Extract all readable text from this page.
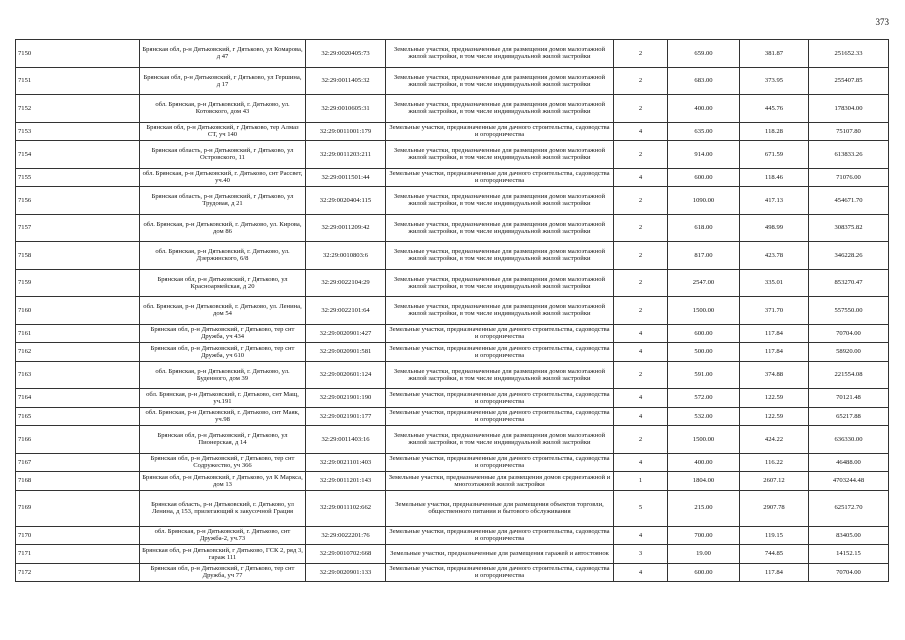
373
7150	Брянская обл, р-н Дятьковский, г Дятьково, ул Комарова, д 47	32:29:0020405:73	Земельные участки, предназначенные для размещения домов малоэтажной жилой застройки, в том числе индивидуальной жилой застройки	2	659.00	381.87	251652.33
7151	Брянская обл, р-н Дятьковский, г Дятьково, ул Гершина, д 17	32:29:0011405:32	Земельные участки, предназначенные для размещения домов малоэтажной жилой застройки, в том числе индивидуальной жилой застройки	2	683.00	373.95	255407.85
7152	обл. Брянская, р-н Дятьковский, г. Дятьково, ул. Котовского, дом 43	32:29:0010605:31	Земельные участки, предназначенные для размещения домов малоэтажной жилой застройки, в том числе индивидуальной жилой застройки	2	400.00	445.76	178304.00
7153	Брянская обл, р-н Дятьковский, г Дятьково, тер Алмаз СТ, уч 140	32:29:0011001:179	Земельные участки, предназначенные для дачного строительства, садоводства и огородничества	4	635.00	118.28	75107.80
7154	Брянская область, р-н Дятьковский, г Дятьково, ул Островского, 11	32:29:0011203:211	Земельные участки, предназначенные для размещения домов малоэтажной жилой застройки, в том числе индивидуальной жилой застройки	2	914.00	671.59	613833.26
7155	обл. Брянская, р-н Дятьковский, г. Дятьково, снт Рассвет, уч.40	32:29:0011501:44	Земельные участки, предназначенные для дачного строительства, садоводства и огородничества	4	600.00	118.46	71076.00
7156	Брянская область, р-н Дятьковский, г Дятьково, ул Трудовая, д 21	32:29:0020404:115	Земельные участки, предназначенные для размещения домов малоэтажной жилой застройки, в том числе индивидуальной жилой застройки	2	1090.00	417.13	454671.70
7157	обл. Брянская, р-н Дятьковский, г. Дятьково, ул. Кирова, дом 86	32:29:0011209:42	Земельные участки, предназначенные для размещения домов малоэтажной жилой застройки, в том числе индивидуальной жилой застройки	2	618.00	498.99	308375.82
7158	обл. Брянская, р-н Дятьковский, г. Дятьково, ул. Дзержинского, 6/8	32:29:0010803:6	Земельные участки, предназначенные для размещения домов малоэтажной жилой застройки, в том числе индивидуальной жилой застройки	2	817.00	423.78	346228.26
7159	Брянская обл, р-н Дятьковский, г Дятьково, ул Красноармейская, д 20	32:29:0022104:29	Земельные участки, предназначенные для размещения домов малоэтажной жилой застройки, в том числе индивидуальной жилой застройки	2	2547.00	335.01	853270.47
7160	обл. Брянская, р-н Дятьковский, г. Дятьково, ул. Ленина, дом 54	32:29:0022101:64	Земельные участки, предназначенные для размещения домов малоэтажной жилой застройки, в том числе индивидуальной жилой застройки	2	1500.00	371.70	557550.00
7161	Брянская обл, р-н Дятьковский, г Дятьково, тер снт Дружба, уч 434	32:29:0020901:427	Земельные участки, предназначенные для дачного строительства, садоводства и огородничества	4	600.00	117.84	70704.00
7162	Брянская обл, р-н Дятьковский, г Дятьково, тер снт Дружба, уч 610	32:29:0020901:581	Земельные участки, предназначенные для дачного строительства, садоводства и огородничества	4	500.00	117.84	58920.00
7163	обл. Брянская, р-н Дятьковский, г. Дятьково, ул. Буденного, дом 39	32:29:0020601:124	Земельные участки, предназначенные для размещения домов малоэтажной жилой застройки, в том числе индивидуальной жилой застройки	2	591.00	374.88	221554.08
7164	обл. Брянская, р-н Дятьковский, г. Дятьково, снт Мащ, уч.191	32:29:0021901:190	Земельные участки, предназначенные для дачного строительства, садоводства и огородничества	4	572.00	122.59	70121.48
7165	обл. Брянская, р-н Дятьковский, г. Дятьково, снт Маяк, уч.98	32:29:0021901:177	Земельные участки, предназначенные для дачного строительства, садоводства и огородничества	4	532.00	122.59	65217.88
7166	Брянская обл, р-н Дятьковский, г Дятьково, ул Пионерская, д 14	32:29:0011403:16	Земельные участки, предназначенные для размещения домов малоэтажной жилой застройки, в том числе индивидуальной жилой застройки	2	1500.00	424.22	636330.00
7167	Брянская обл, р-н Дятьковский, г Дятьково, тер снт Содружество, уч 366	32:29:0021101:403	Земельные участки, предназначенные для дачного строительства, садоводства и огородничества	4	400.00	116.22	46488.00
7168	Брянская обл, р-н Дятьковский, г Дятьково, ул К Маркса, дом 13	32:29:0011201:143	Земельные участки, предназначенные для размещения домов среднеэтажной и многоэтажной жилой застройки	1	1804.00	2607.12	4703244.48
7169	Брянская область, р-н Дятьковский, г. Дятьково, ул Ленина, д 153, прилегающий к закусочной Грация	32:29:0011102:662	Земельные участки, предназначенные для размещения объектов торговли, общественного питания и бытового обслуживания	5	215.00	2907.78	625172.70
7170	обл. Брянская, р-н Дятьковский, г. Дятьково, снт Дружба-2, уч.73	32:29:0022201:76	Земельные участки, предназначенные для дачного строительства, садоводства и огородничества	4	700.00	119.15	83405.00
7171	Брянская обл, р-н Дятьковский, г Дятьково, ГСК 2, ряд 3, гараж 111	32:29:0010702:668	Земельные участки, предназначенные для размещения гаражей и автостоянок	3	19.00	744.85	14152.15
7172	Брянская обл, р-н Дятьковский, г Дятьково, тер снт Дружба, уч 77	32:29:0020901:133	Земельные участки, предназначенные для дачного строительства, садоводства и огородничества	4	600.00	117.84	70704.00
